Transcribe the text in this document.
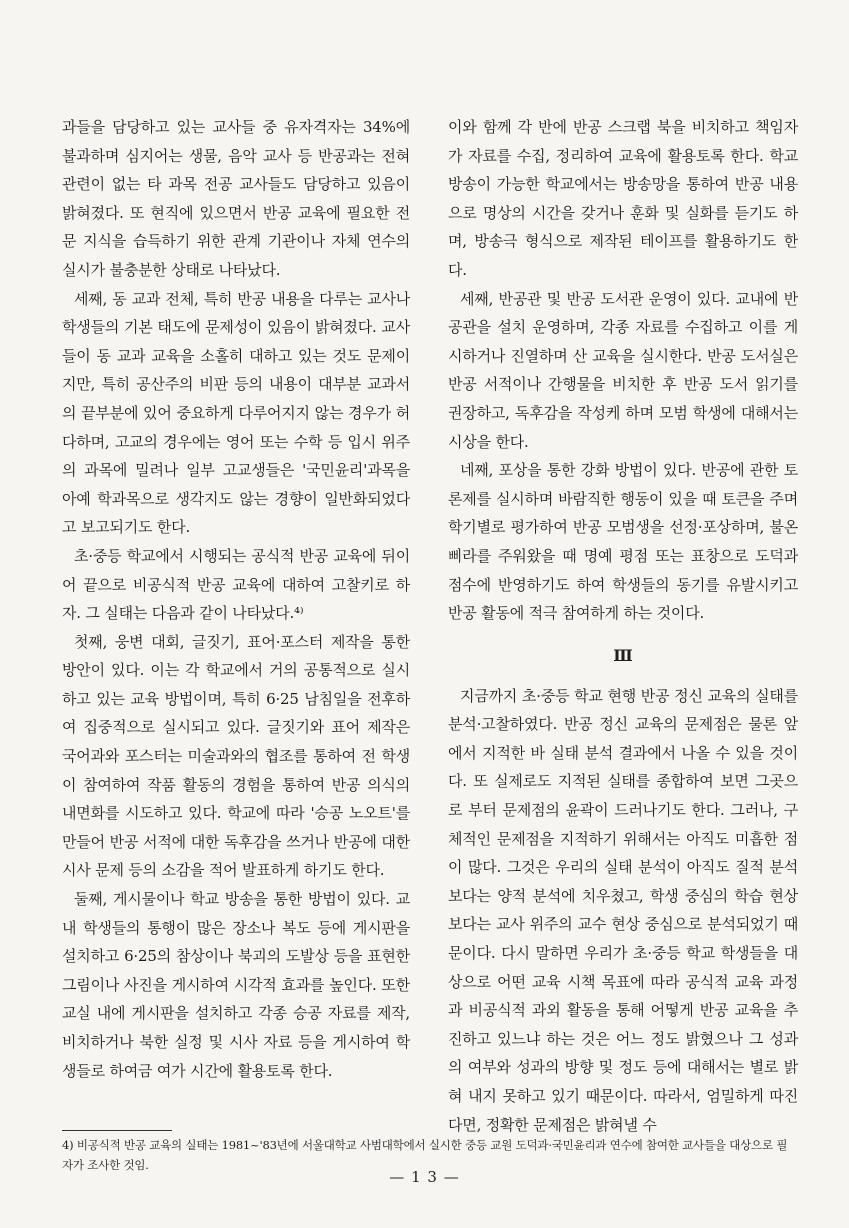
과들을 담당하고 있는 교사들 중 유자격자는 34%에 불과하며 심지어는 생물, 음악 교사 등 반공과는 전혀 관련이 없는 타 과목 전공 교사들도 담당하고 있음이 밝혀졌다. 또 현직에 있으면서 반공 교육에 필요한 전문 지식을 습득하기 위한 관계 기관이나 자체 연수의 실시가 불충분한 상태로 나타났다.

세째, 동 교과 전체, 특히 반공 내용을 다루는 교사나 학생들의 기본 태도에 문제성이 있음이 밝혀졌다. 교사들이 동 교과 교육을 소홀히 대하고 있는 것도 문제이지만, 특히 공산주의 비판 등의 내용이 대부분 교과서의 끝부분에 있어 중요하게 다루어지지 않는 경우가 허다하며, 고교의 경우에는 영어 또는 수학 등 입시 위주의 과목에 밀려나 일부 고교생들은 '국민윤리'과목을 아예 학과목으로 생각지도 않는 경향이 일반화되었다고 보고되기도 한다.

초·중등 학교에서 시행되는 공식적 반공 교육에 뒤이어 끝으로 비공식적 반공 교육에 대하여 고찰키로 하자. 그 실태는 다음과 같이 나타났다.⁴⁾

첫째, 웅변 대회, 글짓기, 표어·포스터 제작을 통한 방안이 있다. 이는 각 학교에서 거의 공통적으로 실시하고 있는 교육 방법이며, 특히 6·25 남침일을 전후하여 집중적으로 실시되고 있다. 글짓기와 표어 제작은 국어과와 포스터는 미술과와의 협조를 통하여 전 학생이 참여하여 작품 활동의 경험을 통하여 반공 의식의 내면화를 시도하고 있다. 학교에 따라 '승공 노오트'를 만들어 반공 서적에 대한 독후감을 쓰거나 반공에 대한 시사 문제 등의 소감을 적어 발표하게 하기도 한다.

둘째, 게시물이나 학교 방송을 통한 방법이 있다. 교내 학생들의 통행이 많은 장소나 복도 등에 게시판을 설치하고 6·25의 참상이나 북괴의 도발상 등을 표현한 그림이나 사진을 게시하여 시각적 효과를 높인다. 또한 교실 내에 게시판을 설치하고 각종 승공 자료를 제작, 비치하거나 북한 실정 및 시사 자료 등을 게시하여 학생들로 하여금 여가 시간에 활용토록 한다.

이와 함께 각 반에 반공 스크랩 북을 비치하고 책임자가 자료를 수집, 정리하여 교육에 활용토록 한다. 학교 방송이 가능한 학교에서는 방송망을 통하여 반공 내용으로 명상의 시간을 갖거나 훈화 및 실화를 듣기도 하며, 방송극 형식으로 제작된 테이프를 활용하기도 한다.

세째, 반공관 및 반공 도서관 운영이 있다. 교내에 반공관을 설치 운영하며, 각종 자료를 수집하고 이를 게시하거나 진열하며 산 교육을 실시한다. 반공 도서실은 반공 서적이나 간행물을 비치한 후 반공 도서 읽기를 권장하고, 독후감을 작성케 하며 모범 학생에 대해서는 시상을 한다.

네째, 포상을 통한 강화 방법이 있다. 반공에 관한 토론제를 실시하며 바람직한 행동이 있을 때 토큰을 주며 학기별로 평가하여 반공 모범생을 선정·포상하며, 불온 삐라를 주워왔을 때 명예 평점 또는 표창으로 도덕과 점수에 반영하기도 하여 학생들의 동기를 유발시키고 반공 활동에 적극 참여하게 하는 것이다.

Ⅲ

지금까지 초·중등 학교 현행 반공 정신 교육의 실태를 분석·고찰하였다. 반공 정신 교육의 문제점은 물론 앞에서 지적한 바 실태 분석 결과에서 나올 수 있을 것이다. 또 실제로도 지적된 실태를 종합하여 보면 그곳으로 부터 문제점의 윤곽이 드러나기도 한다. 그러나, 구체적인 문제점을 지적하기 위해서는 아직도 미흡한 점이 많다. 그것은 우리의 실태 분석이 아직도 질적 분석보다는 양적 분석에 치우쳤고, 학생 중심의 학습 현상보다는 교사 위주의 교수 현상 중심으로 분석되었기 때문이다. 다시 말하면 우리가 초·중등 학교 학생들을 대상으로 어떤 교육 시책 목표에 따라 공식적 교육 과정과 비공식적 과외 활동을 통해 어떻게 반공 교육을 추진하고 있느냐 하는 것은 어느 정도 밝혔으나 그 성과의 여부와 성과의 방향 및 정도 등에 대해서는 별로 밝혀 내지 못하고 있기 때문이다. 따라서, 엄밀하게 따진다면, 정확한 문제점은 밝혀낼 수

4) 비공식적 반공 교육의 실태는 1981~'83년에 서울대학교 사범대학에서 실시한 중등 교원 도덕과·국민윤리과 연수에 참여한 교사들을 대상으로 필자가 조사한 것임.
— 1 3 —
